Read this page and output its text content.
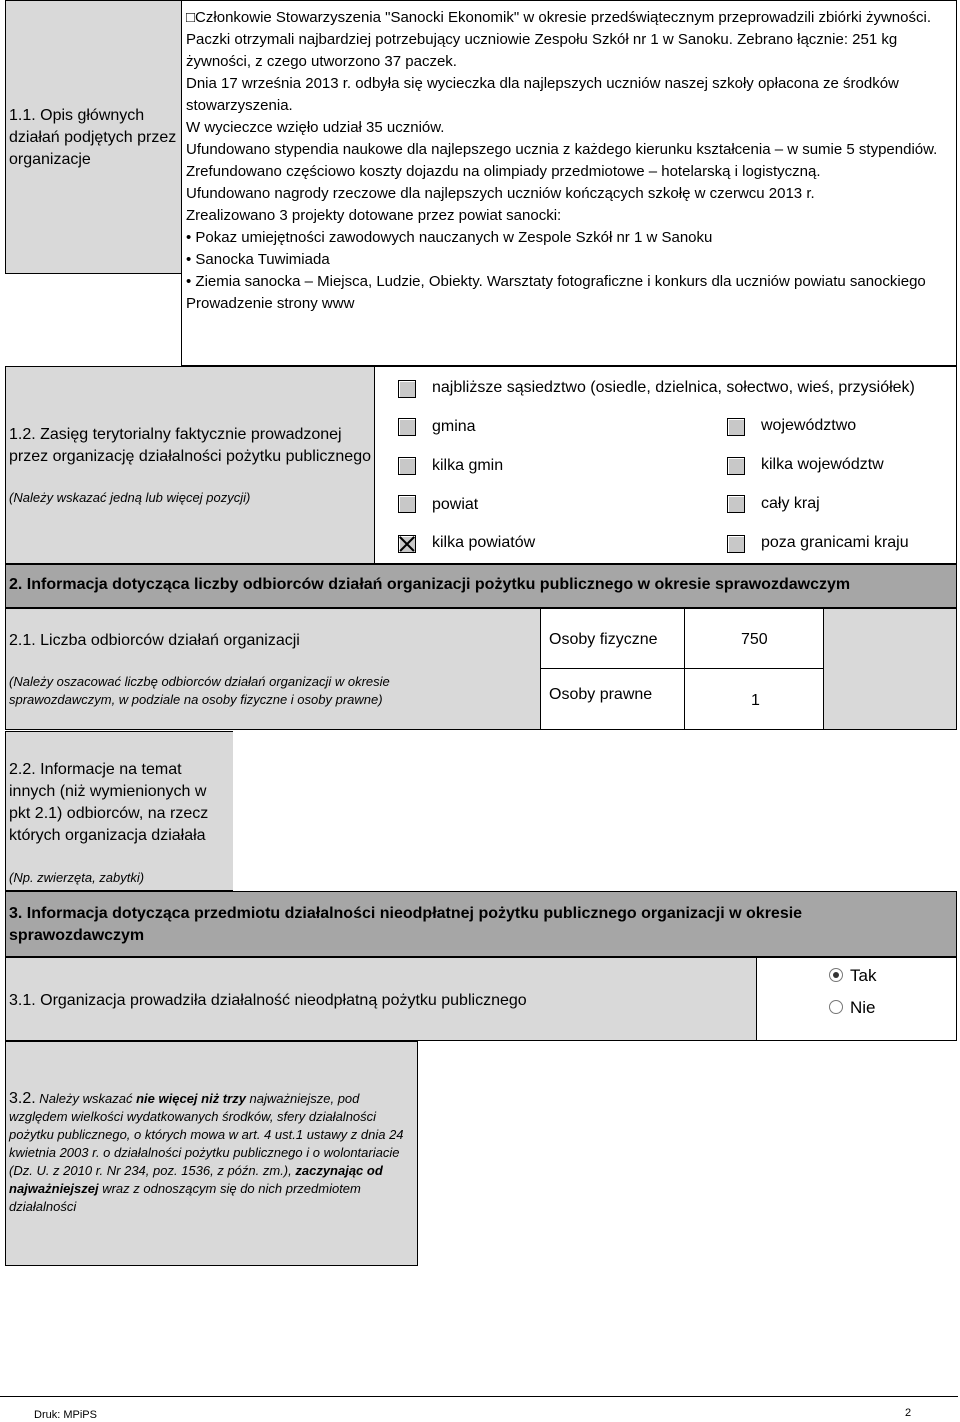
1.1. Opis głównych działań podjętych przez organizacje

□Członkowie Stowarzyszenia "Sanocki Ekonomik" w okresie przedświątecznym przeprowadzili zbiórki żywności. Paczki otrzymali najbardziej potrzebujący uczniowie Zespołu Szkół nr 1 w Sanoku. Zebrano łącznie: 251 kg żywności, z czego utworzono 37 paczek.

Dnia 17 września 2013 r. odbyła się wycieczka dla najlepszych uczniów naszej szkoły opłacona ze środków stowarzyszenia.

W wycieczce wzięło udział 35 uczniów.

Ufundowano stypendia naukowe dla najlepszego ucznia z każdego kierunku kształcenia – w sumie 5 stypendiów.

Zrefundowano częściowo koszty dojazdu na olimpiady przedmiotowe – hotelarską i logistyczną.

Ufundowano nagrody rzeczowe dla najlepszych uczniów kończących szkołę w czerwcu 2013 r.

Zrealizowano 3 projekty dotowane przez powiat sanocki:

• Pokaz umiejętności zawodowych nauczanych w Zespole Szkół nr 1 w Sanoku

• Sanocka Tuwimiada

• Ziemia sanocka – Miejsca, Ludzie, Obiekty. Warsztaty fotograficzne i konkurs dla uczniów powiatu sanockiego

Prowadzenie strony www

1.2. Zasięg terytorialny faktycznie prowadzonej przez organizację działalności pożytku publicznego
(Należy wskazać jedną lub więcej pozycji)
najbliższe sąsiedztwo (osiedle, dzielnica, sołectwo, wieś, przysiółek)
gmina
kilka gmin
powiat
kilka powiatów
województwo
kilka województw
cały kraj
poza granicami kraju
2. Informacja dotycząca liczby odbiorców działań organizacji pożytku publicznego w okresie sprawozdawczym
2.1. Liczba odbiorców działań organizacji
(Należy oszacować liczbę odbiorców działań organizacji w okresie sprawozdawczym, w podziale na osoby fizyczne i osoby prawne)
Osoby fizyczne	750
Osoby prawne	1
2.2. Informacje na temat innych (niż wymienionych w pkt 2.1) odbiorców, na rzecz których organizacja działała
(Np. zwierzęta, zabytki)
3. Informacja dotycząca przedmiotu działalności nieodpłatnej pożytku publicznego organizacji w okresie sprawozdawczym
3.1. Organizacja prowadziła działalność nieodpłatną pożytku publicznego
Tak
Nie
3.2. Należy wskazać nie więcej niż trzy najważniejsze, pod względem wielkości wydatkowanych środków, sfery działalności pożytku publicznego, o których mowa w art. 4 ust.1 ustawy z dnia 24 kwietnia 2003 r. o działalności pożytku publicznego i o wolontariacie (Dz. U. z 2010 r. Nr 234, poz. 1536, z późn. zm.), zaczynając od najważniejszej wraz z odnoszącym się do nich przedmiotem działalności
Druk: MPiPS	2
